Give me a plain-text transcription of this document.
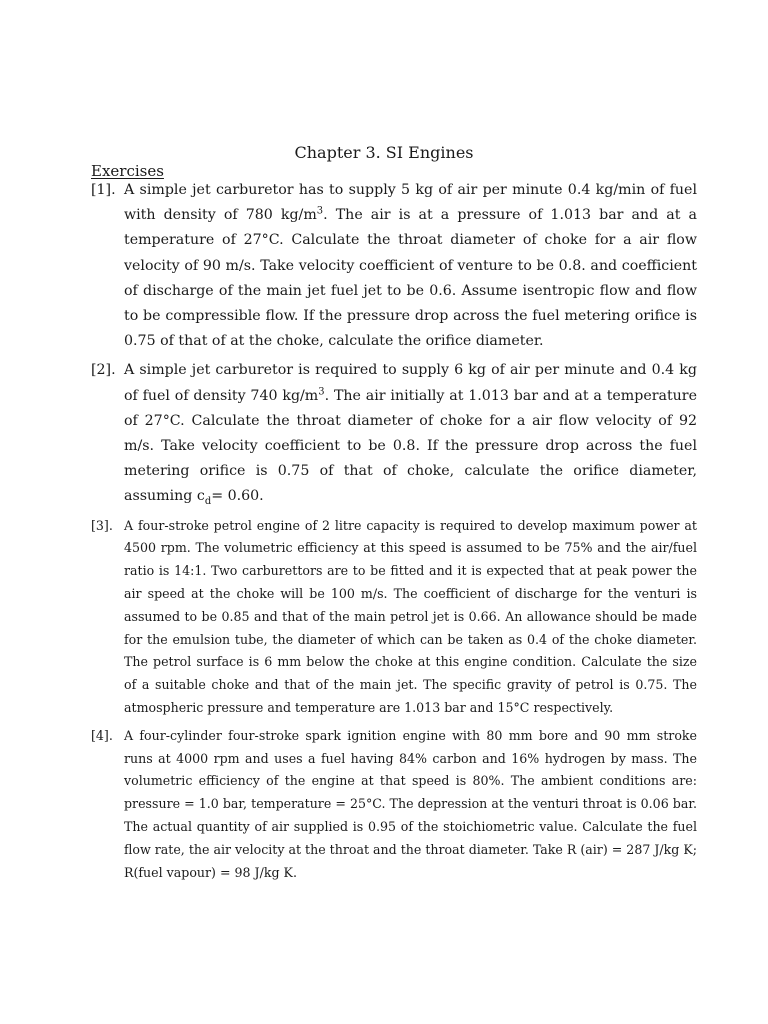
Chapter 3. SI Engines
Exercises
[1]. A simple jet carburetor has to supply 5 kg of air per minute 0.4 kg/min of fuel with density of 780 $kg/m^3$. The air is at a pressure of 1.013 bar and at a temperature of 27°C. Calculate the throat diameter of choke for a air flow velocity of 90 m/s. Take velocity coefficient of venture to be 0.8. and coefficient of discharge of the main jet fuel jet to be 0.6. Assume isentropic flow and flow to be compressible flow. If the pressure drop across the fuel metering orifice is 0.75 of that of at the choke, calculate the orifice diameter.
[2]. A simple jet carburetor is required to supply 6 kg of air per minute and 0.4 kg of fuel of density 740 $kg/m^3$. The air initially at 1.013 bar and at a temperature of 27°C. Calculate the throat diameter of choke for a air flow velocity of 92 m/s. Take velocity coefficient to be 0.8. If the pressure drop across the fuel metering orifice is 0.75 of that of choke, calculate the orifice diameter, assuming $c_d= 0.60$.
[3]. A four-stroke petrol engine of 2 litre capacity is required to develop maximum power at 4500 rpm. The volumetric efficiency at this speed is assumed to be 75% and the air/fuel ratio is 14:1. Two carburettors are to be fitted and it is expected that at peak power the air speed at the choke will be 100 m/s. The coefficient of discharge for the venturi is assumed to be 0.85 and that of the main petrol jet is 0.66. An allowance should be made for the emulsion tube, the diameter of which can be taken as 0.4 of the choke diameter. The petrol surface is 6 mm below the choke at this engine condition. Calculate the size of a suitable choke and that of the main jet. The specific gravity of petrol is 0.75. The atmospheric pressure and temperature are 1.013 bar and 15°C respectively.
[4]. A four-cylinder four-stroke spark ignition engine with 80 mm bore and 90 mm stroke runs at 4000 rpm and uses a fuel having 84% carbon and 16% hydrogen by mass. The volumetric efficiency of the engine at that speed is 80%. The ambient conditions are: pressure = 1.0 bar, temperature = 25°C. The depression at the venturi throat is 0.06 bar. The actual quantity of air supplied is 0.95 of the stoichiometric value. Calculate the fuel flow rate, the air velocity at the throat and the throat diameter. Take R (air) = 287 J/kg K; R(fuel vapour) = 98 J/kg K.
